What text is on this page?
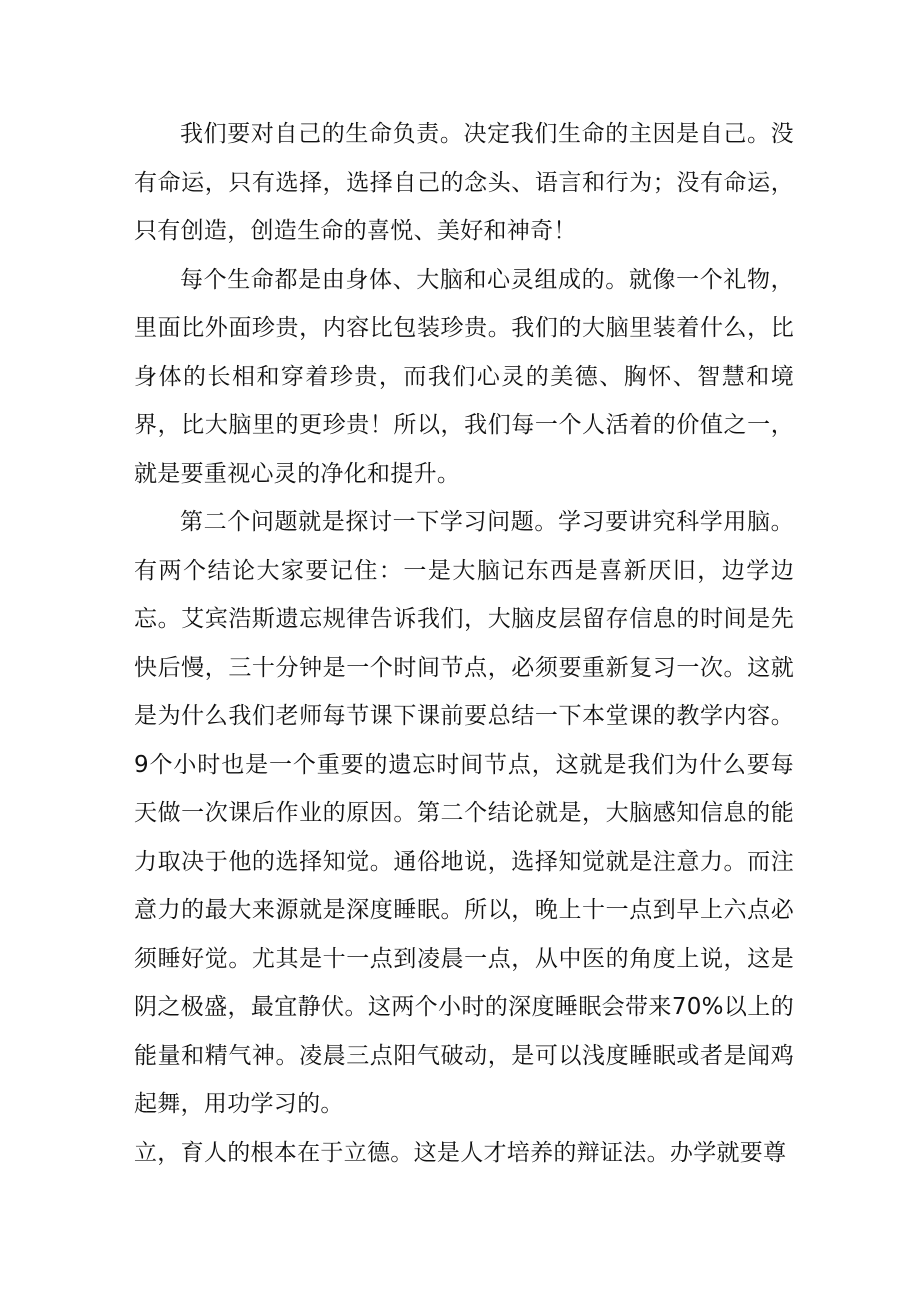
我们要对自己的生命负责。决定我们生命的主因是自己。没有命运，只有选择，选择自己的念头、语言和行为；没有命运，只有创造，创造生命的喜悦、美好和神奇！

每个生命都是由身体、大脑和心灵组成的。就像一个礼物，里面比外面珍贵，内容比包装珍贵。我们的大脑里装着什么，比身体的长相和穿着珍贵，而我们心灵的美德、胸怀、智慧和境界，比大脑里的更珍贵！所以，我们每一个人活着的价值之一，就是要重视心灵的净化和提升。

第二个问题就是探讨一下学习问题。学习要讲究科学用脑。有两个结论大家要记住：一是大脑记东西是喜新厌旧，边学边忘。艾宾浩斯遗忘规律告诉我们，大脑皮层留存信息的时间是先快后慢，三十分钟是一个时间节点，必须要重新复习一次。这就是为什么我们老师每节课下课前要总结一下本堂课的教学内容。9个小时也是一个重要的遗忘时间节点，这就是我们为什么要每天做一次课后作业的原因。第二个结论就是，大脑感知信息的能力取决于他的选择知觉。通俗地说，选择知觉就是注意力。而注意力的最大来源就是深度睡眠。所以，晚上十一点到早上六点必须睡好觉。尤其是十一点到凌晨一点，从中医的角度上说，这是阴之极盛，最宜静伏。这两个小时的深度睡眠会带来70%以上的能量和精气神。凌晨三点阳气破动，是可以浅度睡眠或者是闻鸡起舞，用功学习的。

立，育人的根本在于立德。这是人才培养的辩证法。办学就要尊
